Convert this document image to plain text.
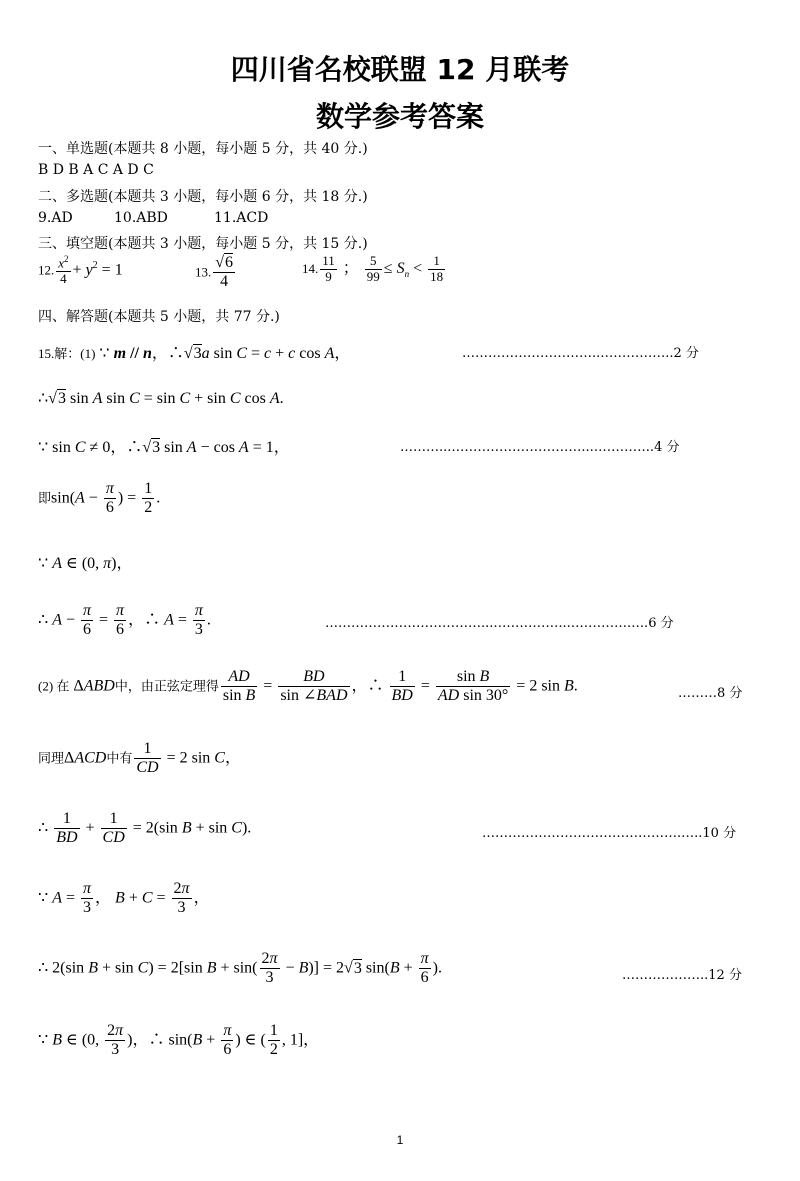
四川省名校联盟 12 月联考
数学参考答案
一、单选题(本题共 8 小题，每小题 5 分，共 40 分.)
B D B A C A D C
二、多选题(本题共 3 小题，每小题 6 分，共 18 分.)
9.AD	10.ABD	11.ACD
三、填空题(本题共 3 小题，每小题 5 分，共 15 分.)
12. $\frac{x^2}{4} + y^2 = 1$	13. $\frac{√6}{4}$	14. $\frac{11}{9}$ ； $\frac{5}{99} \le S_n < \frac{1}{18}$
四、解答题(本题共 5 小题，共 77 分.)
15.解：(1) ∵ m // n，∴√3a sin C = c + c cos A，	…………………………..……………..2 分
∴√3 sin A sin C = sin C + sin C cos A.
∵ sin C ≠ 0，∴√3 sin A − cos A = 1，	………...…………………………...…………..4 分
即$\sin(A - \frac{\pi}{6}$ ) = $\frac{1}{2}$ .
∵ A ∈ (0, π)，
∴ $A - \frac{\pi}{6} = \frac{\pi}{6}$ ，∴ $A = \frac{\pi}{3}$ .	………………………………...……………...………….…..6 分
(2) 在 ΔABD中，由正弦定理得 $\frac{AD}{\text{sin B}} = \frac{BD}{\text{sin ∠BAD}}$ ，∴ $\frac{1}{BD} = \frac{\text{sin B}}{\text{AD sin 30°}} = 2$ sin B.	………8 分
同理ΔACD中有 $\frac{1}{CD} = 2$ sin C，
∴ $\frac{1}{BD} + \frac{1}{CD} = 2(\sin$ B + sin C).	……………………………………….…..10 分
∵ $A = \frac{\pi}{3}$ ， $B + C = \frac{2\pi}{3}$ ，
∴ 2(sin B + sin C) = 2[sin $B + \sin( \frac{2\pi}{3} - B)] = 2√3$ $\sin(B + \frac{\pi}{6}$ ).	………………..12 分
∵ B ∈ (0, $\frac{2\pi}{3}$ )，∴ $\sin(B + \frac{\pi}{6}$ ) ∈ ( $\frac{1}{2}$ , 1]，
1
